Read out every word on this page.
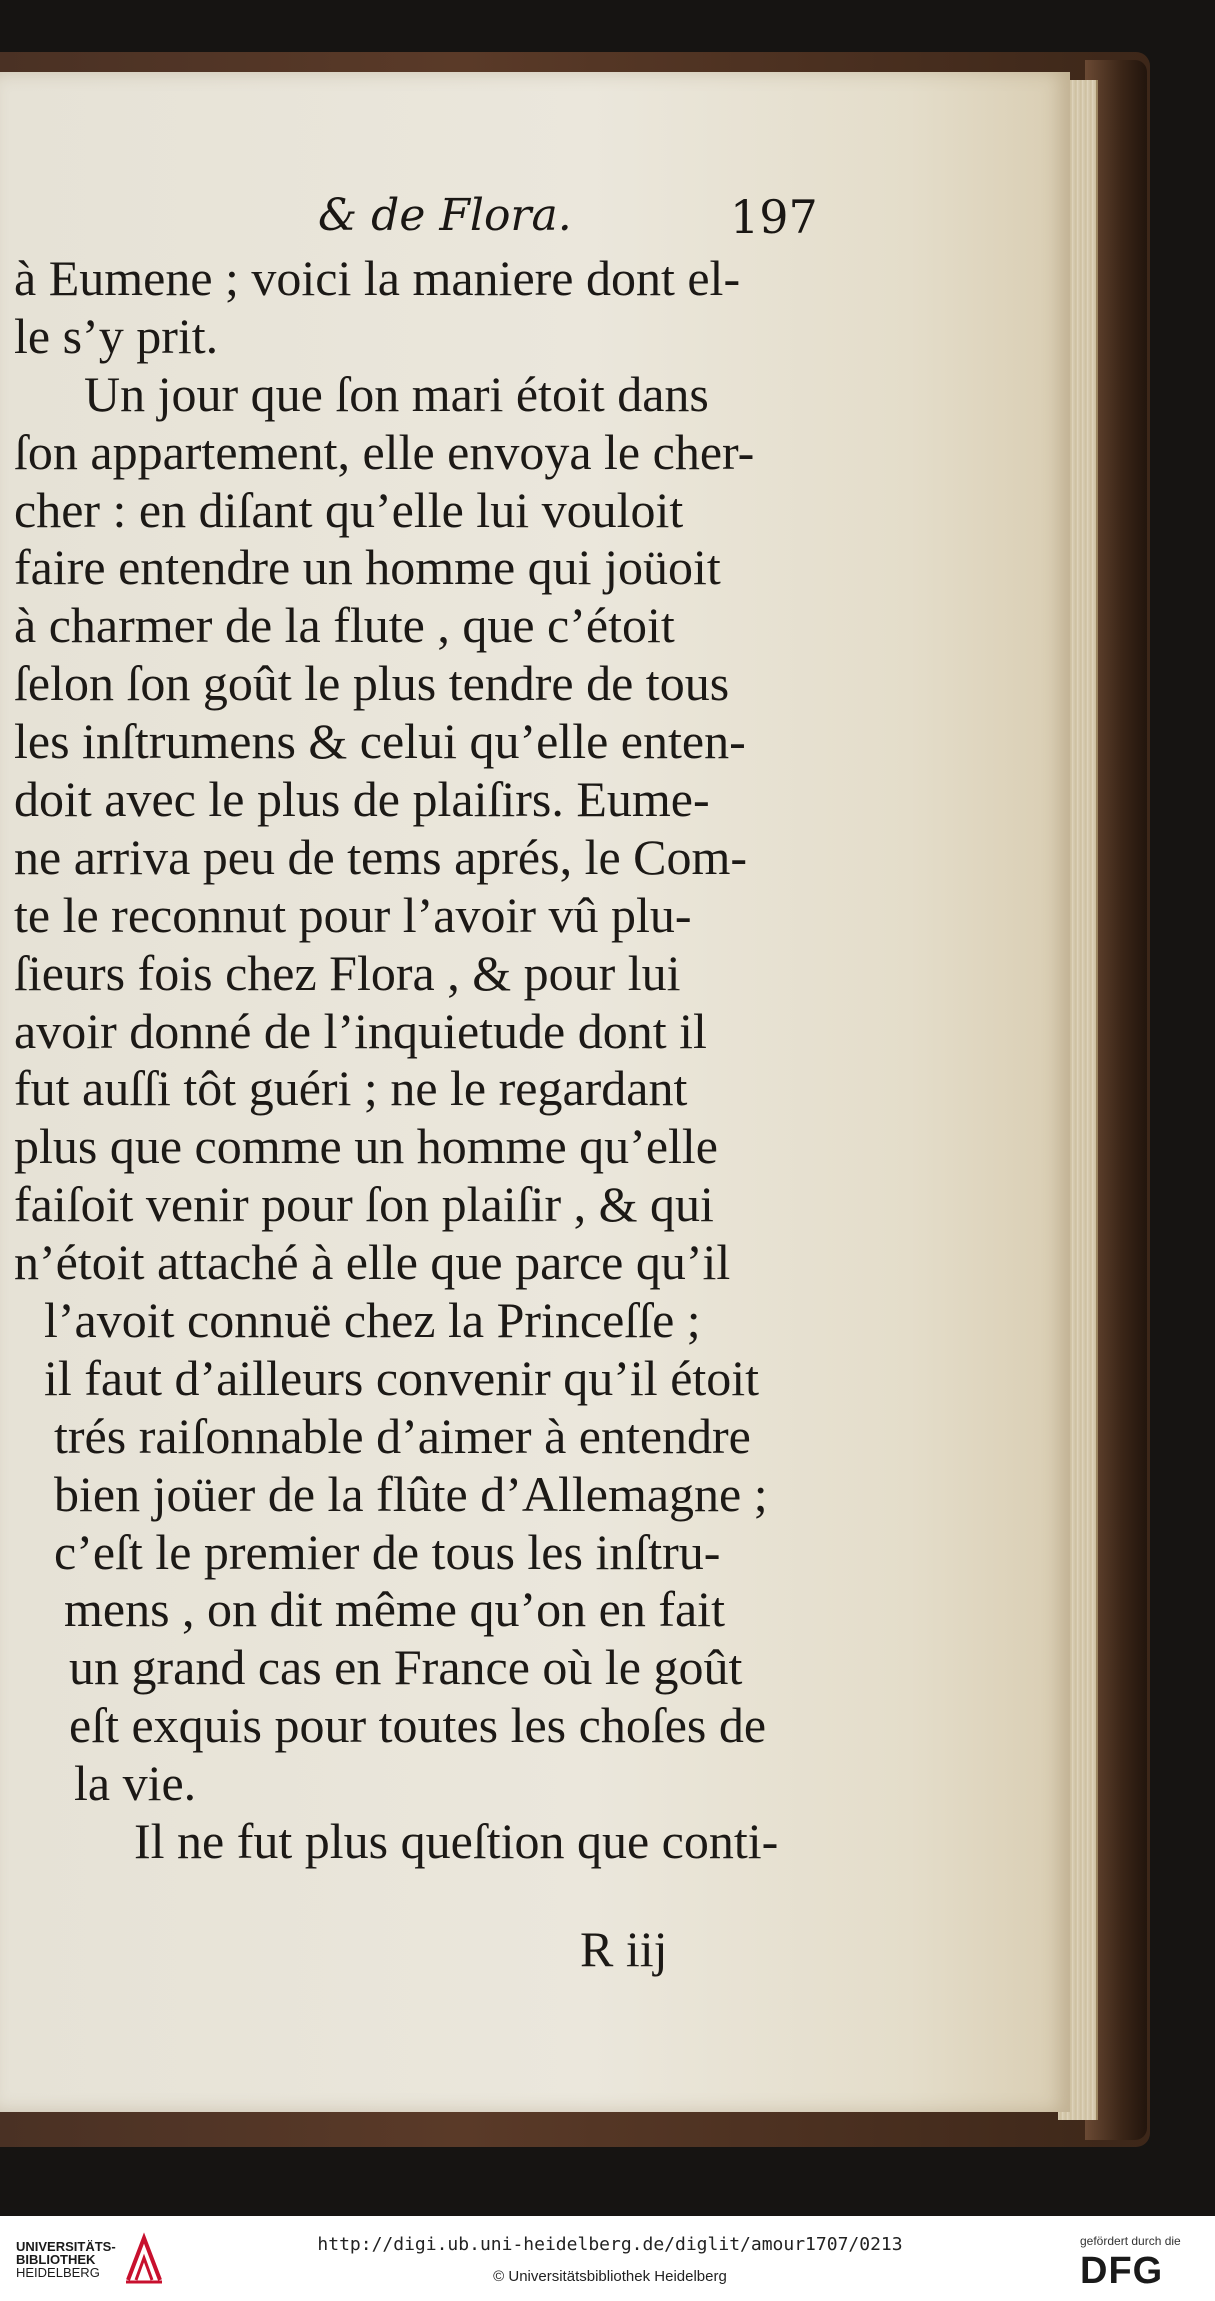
& de Flora.	197
à Eumene ; voici la maniere dont el-
le s’y prit.
Un jour que ſon mari étoit dans
ſon appartement, elle envoya le cher-
cher : en diſant qu’elle lui vouloit
faire entendre un homme qui joüoit
à charmer de la flute , que c’étoit
ſelon ſon goût le plus tendre de tous
les inſtrumens & celui qu’elle enten-
doit avec le plus de plaiſirs. Eume-
ne arriva peu de tems aprés, le Com-
te le reconnut pour l’avoir vû plu-
ſieurs fois chez Flora , & pour lui
avoir donné de l’inquietude dont il
fut auſſi tôt guéri ; ne le regardant
plus que comme un homme qu’elle
faiſoit venir pour ſon plaiſir , & qui
n’étoit attaché à elle que parce qu’il
l’avoit connuë chez la Princeſſe ;
il faut d’ailleurs convenir qu’il étoit
trés raiſonnable d’aimer à entendre
bien joüer de la flûte d’Allemagne ;
c’eſt le premier de tous les inſtru-
mens , on dit même qu’on en fait
un grand cas en France où le goût
eſt exquis pour toutes les choſes de
la vie.
Il ne fut plus queſtion que conti-
R iij
UNIVERSITÄTS-
BIBLIOTHEK
HEIDELBERG
http://digi.ub.uni-heidelberg.de/diglit/amour1707/0213
© Universitätsbibliothek Heidelberg
gefördert durch die
DFG
